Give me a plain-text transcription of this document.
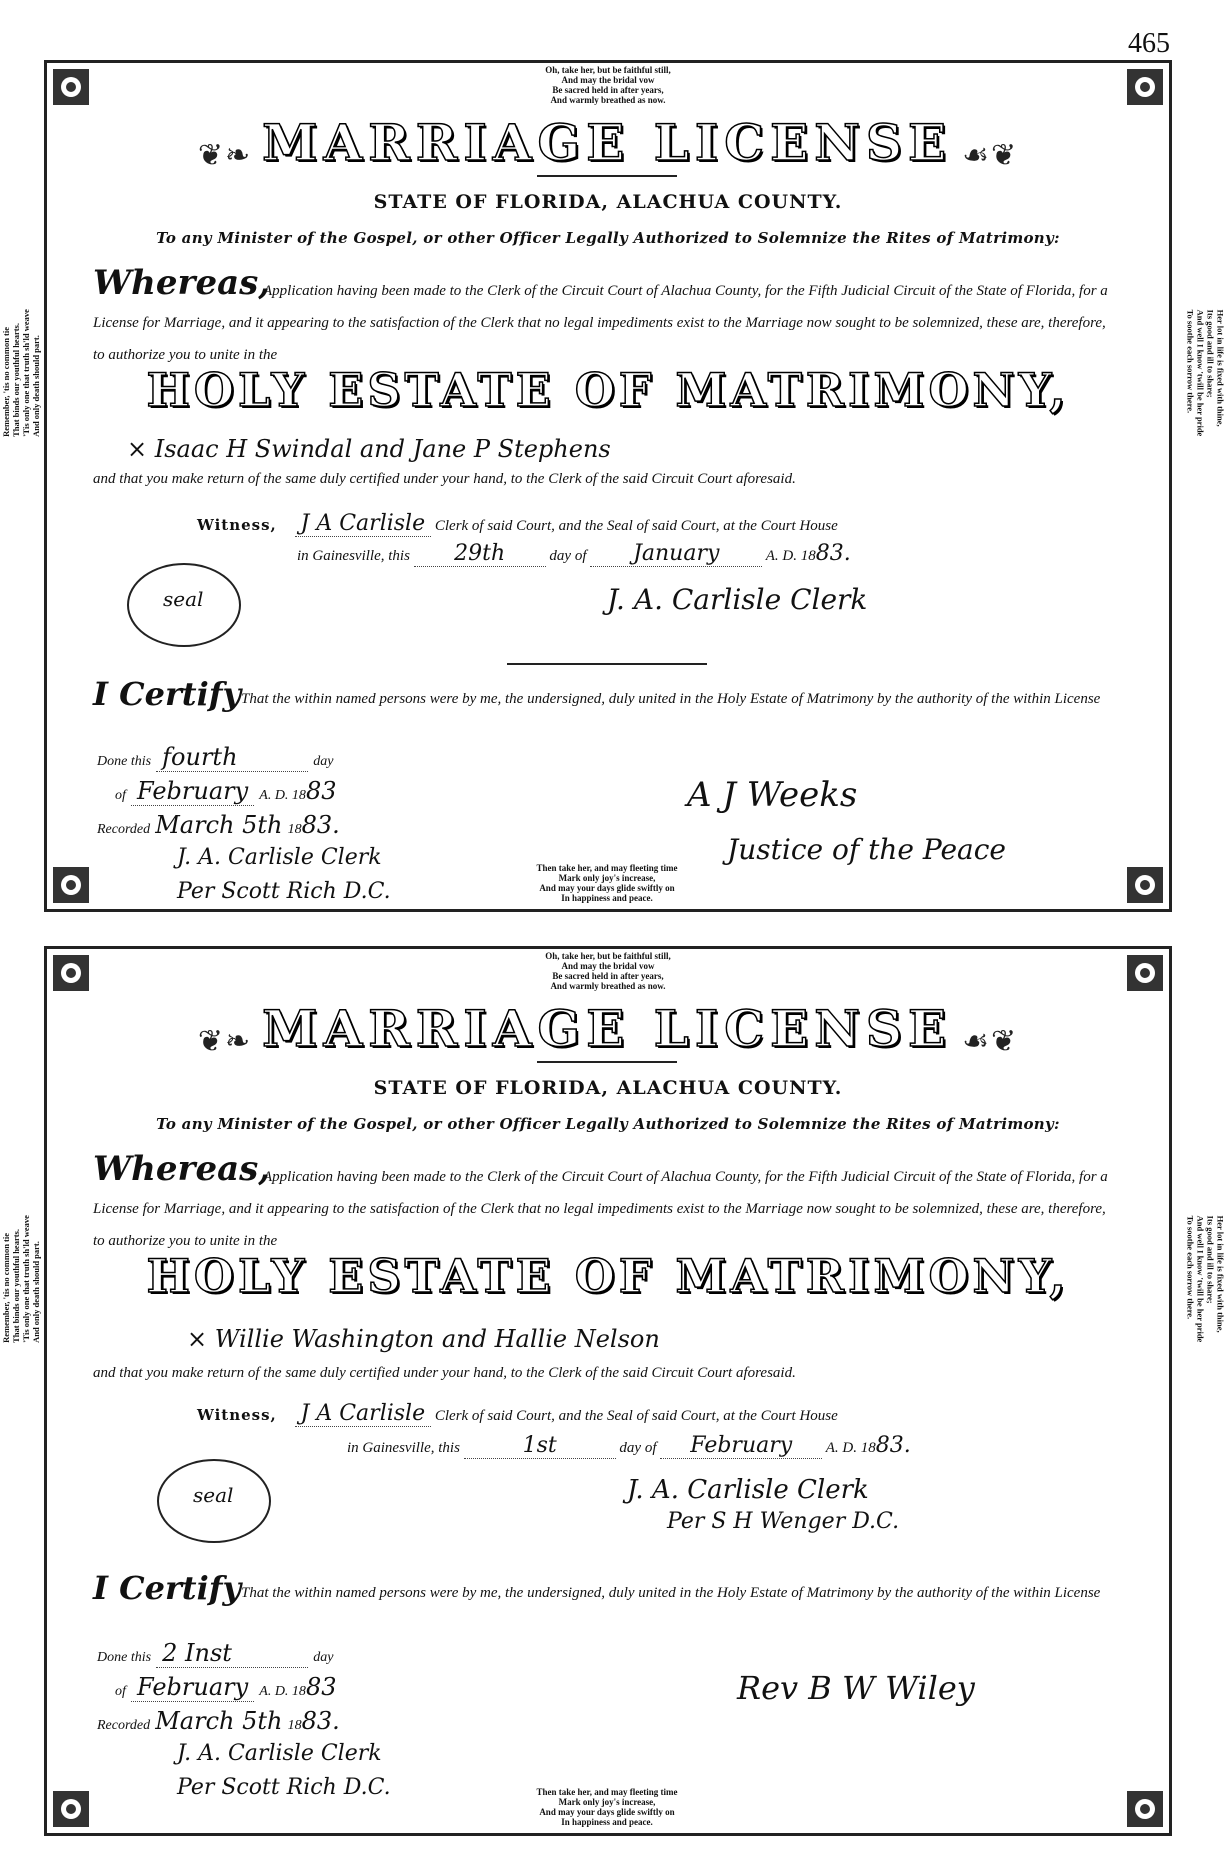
465
Oh, take her, but be faithful still,
And may the bridal vow
Be sacred held in after years,
And warmly breathed as now.
Remember, 'tis no common tie That binds our youthful hearts. 'Tis only one that truth sh'ld weave And only death should part.	Her lot in life is fixed with thine,
Its good and ill to share;
And well I know 'twill be her pride
To soothe each sorrow there.
❦❧ MARRIAGE LICENSE ☙❦
STATE OF FLORIDA, ALACHUA COUNTY.
To any Minister of the Gospel, or other Officer Legally Authorized to Solemnize the Rites of Matrimony:
Whereas,
Application having been made to the Clerk of the Circuit Court of Alachua County, for the Fifth Judicial Circuit of the State of Florida, for a License for Marriage, and it appearing to the satisfaction of the Clerk that no legal impediments exist to the Marriage now sought to be solemnized, these are, therefore, to authorize you to unite in the
HOLY ESTATE OF MATRIMONY,
× Isaac H Swindal and Jane P Stephens
and that you make return of the same duly certified under your hand, to the Clerk of the said Circuit Court aforesaid.
Witness, J A Carlisle Clerk of said Court, and the Seal of said Court, at the Court House
in Gainesville, this 29th	day of January	A. D. 1883.
seal	J. A. Carlisle Clerk
I Certify That the within named persons were by me, the undersigned, duly united in the Holy Estate of Matrimony by the authority of the within License
Done this fourth	day
of February A. D. 1883
Recorded March 5th 1883.
J. A. Carlisle Clerk
Per Scott Rich D.C.
A J Weeks
Justice of the Peace
Then take her, and may fleeting time
Mark only joy's increase,
And may your days glide swiftly on
In happiness and peace.
Oh, take her, but be faithful still,
And may the bridal vow
Be sacred held in after years,
And warmly breathed as now.
Remember, 'tis no common tie That binds our youthful hearts. 'Tis only one that truth sh'ld weave And only death should part.	Her lot in life is fixed with thine,
Its good and ill to share;
And well I know 'twill be her pride
To soothe each sorrow there.
❦❧ MARRIAGE LICENSE ☙❦
STATE OF FLORIDA, ALACHUA COUNTY.
To any Minister of the Gospel, or other Officer Legally Authorized to Solemnize the Rites of Matrimony:
Whereas,
Application having been made to the Clerk of the Circuit Court of Alachua County, for the Fifth Judicial Circuit of the State of Florida, for a License for Marriage, and it appearing to the satisfaction of the Clerk that no legal impediments exist to the Marriage now sought to be solemnized, these are, therefore, to authorize you to unite in the
HOLY ESTATE OF MATRIMONY,
× Willie Washington and Hallie Nelson
and that you make return of the same duly certified under your hand, to the Clerk of the said Circuit Court aforesaid.
Witness, J A Carlisle Clerk of said Court, and the Seal of said Court, at the Court House
in Gainesville, this	1st	day of February A. D. 1883.
seal	J. A. Carlisle Clerk
Per S H Wenger D.C.
I Certify That the within named persons were by me, the undersigned, duly united in the Holy Estate of Matrimony by the authority of the within License
Done this 2 Inst	day
of February A. D. 1883
Recorded March 5th 1883.
J. A. Carlisle Clerk
Per Scott Rich D.C.
Rev B W Wiley
Then take her, and may fleeting time
Mark only joy's increase,
And may your days glide swiftly on
In happiness and peace.
